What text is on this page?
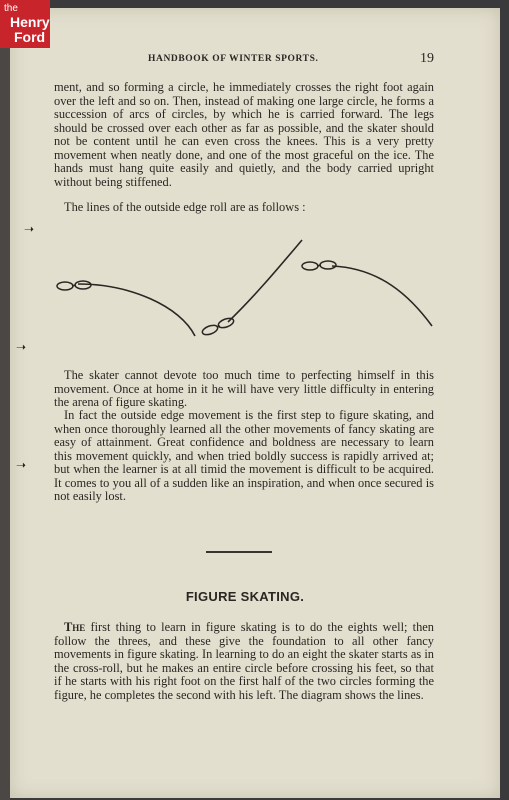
the
Henry
Ford
HANDBOOK OF WINTER SPORTS.	19

ment, and so forming a circle, he immediately crosses the right foot again over the left and so on. Then, instead of making one large circle, he forms a succession of arcs of circles, by which he is carried forward. The legs should be crossed over each other as far as possible, and the skater should not be content until he can even cross the knees. This is a very pretty movement when neatly done, and one of the most graceful on the ice. The hands must hang quite easily and quietly, and the body carried upright without being stiffened.

The lines of the outside edge roll are as follows :

The skater cannot devote too much time to perfecting himself in this movement. Once at home in it he will have very little difficulty in entering the arena of figure skating.

In fact the outside edge movement is the first step to figure skating, and when once thoroughly learned all the other movements of fancy skating are easy of attainment. Great confidence and boldness are necessary to learn this movement quickly, and when tried boldly success is rapidly arrived at; but when the learner is at all timid the movement is difficult to be acquired. It comes to you all of a sudden like an inspiration, and when once secured is not easily lost.

FIGURE SKATING.

The first thing to learn in figure skating is to do the eights well; then follow the threes, and these give the foundation to all other fancy movements in figure skating. In learning to do an eight the skater starts as in the cross-roll, but he makes an entire circle before crossing his feet, so that if he starts with his right foot on the first half of the two circles forming the figure, he completes the second with his left. The diagram shows the lines.

➝
➝
➝
